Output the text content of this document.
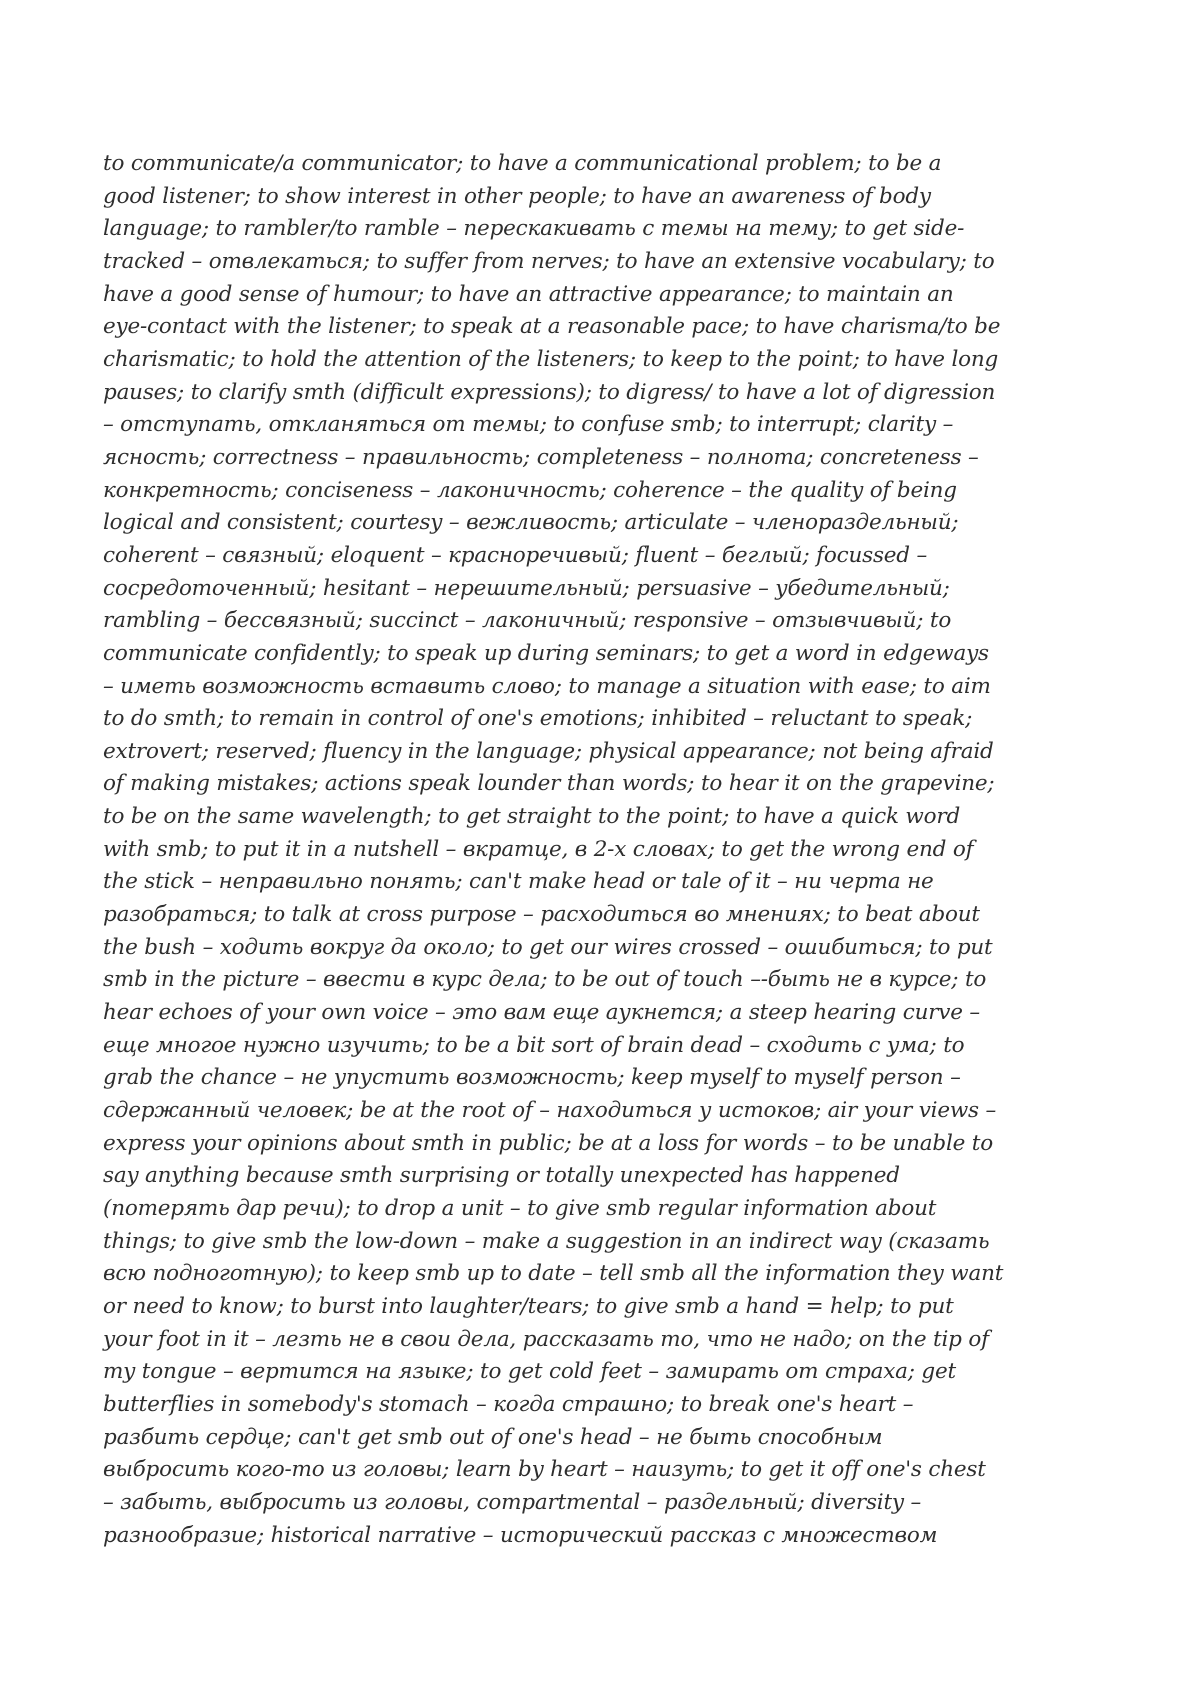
to communicate/a communicator; to have a communicational problem; to be a
good listener; to show interest in other people; to have an awareness of body
language; to rambler/to ramble – перескакивать с темы на тему; to get side-
tracked – отвлекаться; to suffer from nerves; to have an extensive vocabulary; to
have a good sense of humour; to have an attractive appearance; to maintain an
eye-contact with the listener; to speak at a reasonable pace; to have charisma/to be
charismatic; to hold the attention of the listeners; to keep to the point; to have long
pauses; to clarify smth (difficult expressions); to digress/ to have a lot of digression
– отступать, откланяться от темы; to confuse smb; to interrupt; clarity –
ясность; correctness – правильность; completeness – полнота; concreteness –
конкретность; conciseness – лаконичность; coherence – the quality of being
logical and consistent; courtesy – вежливость; articulate – членораздельный;
coherent – связный; eloquent – красноречивый; fluent – беглый; focussed –
сосредоточенный; hesitant – нерешительный; persuasive – убедительный;
rambling – бессвязный; succinct – лаконичный; responsive – отзывчивый; to
communicate confidently; to speak up during seminars; to get a word in edgeways
– иметь возможность вставить слово; to manage a situation with ease; to aim
to do smth; to remain in control of one's emotions; inhibited – reluctant to speak;
extrovert; reserved; fluency in the language; physical appearance; not being afraid
of making mistakes; actions speak lounder than words; to hear it on the grapevine;
to be on the same wavelength; to get straight to the point; to have a quick word
with smb; to put it in a nutshell – вкратце, в 2-х словах; to get the wrong end of
the stick – неправильно понять; can't make head or tale of it – ни черта не
разобраться; to talk at cross purpose – расходиться во мнениях; to beat about
the bush – ходить вокруг да около; to get our wires crossed – ошибиться; to put
smb in the picture – ввести в курс дела; to be out of touch –-быть не в курсе; to
hear echoes of your own voice – это вам еще аукнется; a steep hearing curve –
еще многое нужно изучить; to be a bit sort of brain dead – сходить с ума; to
grab the chance – не упустить возможность; keep myself to myself person –
сдержанный человек; be at the root of – находиться у истоков; air your views –
express your opinions about smth in public; be at a loss for words – to be unable to
say anything because smth surprising or totally unexpected has happened
(потерять дар речи); to drop a unit – to give smb regular information about
things; to give smb the low-down – make a suggestion in an indirect way (сказать
всю подноготную); to keep smb up to date – tell smb all the information they want
or need to know; to burst into laughter/tears; to give smb a hand = help; to put
your foot in it – лезть не в свои дела, рассказать то, что не надо; on the tip of
my tongue – вертится на языке; to get cold feet – замирать от страха; get
butterflies in somebody's stomach – когда страшно; to break one's heart –
разбить сердце; can't get smb out of one's head – не быть способным
выбросить кого-то из головы; learn by heart – наизуть; to get it off one's chest
– забыть, выбросить из головы, compartmental – раздельный; diversity –
разнообразие; historical narrative – исторический рассказ с множеством
